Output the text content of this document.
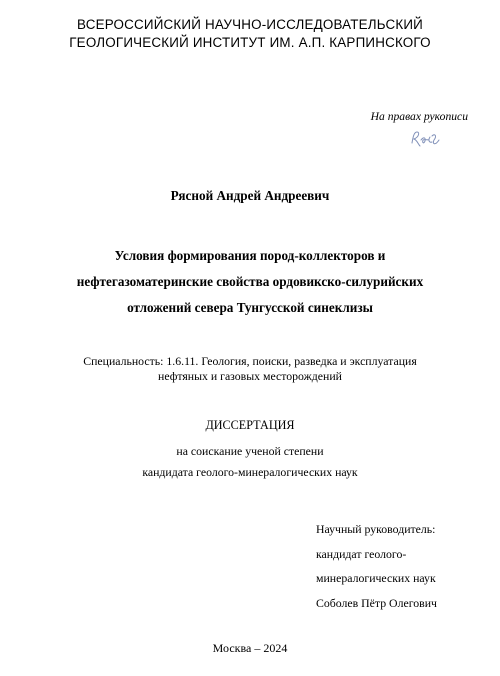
ВСЕРОССИЙСКИЙ НАУЧНО-ИССЛЕДОВАТЕЛЬСКИЙ
ГЕОЛОГИЧЕСКИЙ ИНСТИТУТ ИМ. А.П. КАРПИНСКОГО
На правах рукописи
Рясной Андрей Андреевич
Условия формирования пород-коллекторов и
нефтегазоматеринские свойства ордовикско-силурийских
отложений севера Тунгусской синеклизы
Специальность: 1.6.11. Геология, поиски, разведка и эксплуатация
нефтяных и газовых месторождений
ДИССЕРТАЦИЯ
на соискание ученой степени
кандидата геолого-минералогических наук
Научный руководитель:
кандидат геолого-
минералогических наук
Соболев Пётр Олегович
Москва – 2024
